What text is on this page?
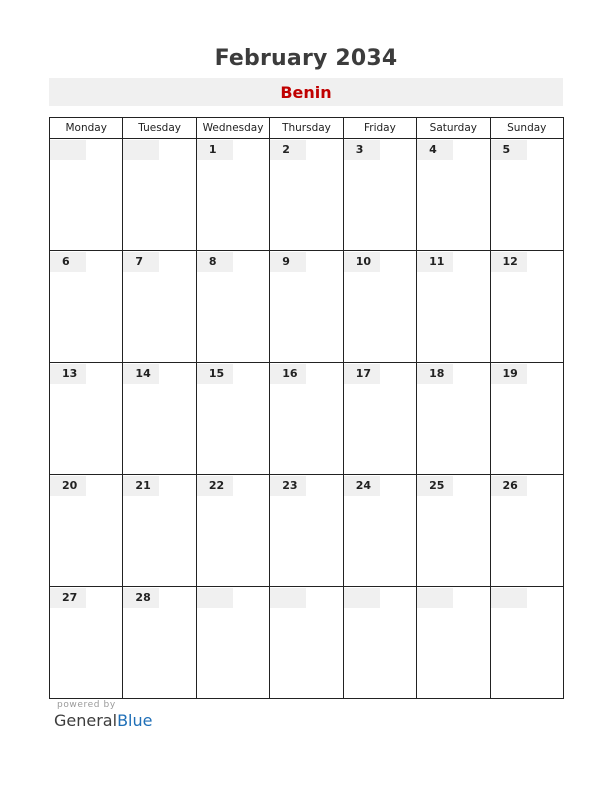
February 2034
Benin
Monday	Tuesday	Wednesday	Thursday	Friday	Saturday	Sunday

		1	2	3	4	5

6	7	8	9	10	11	12

13	14	15	16	17	18	19

20	21	22	23	24	25	26

27	28					

powered by
GeneralBlue
